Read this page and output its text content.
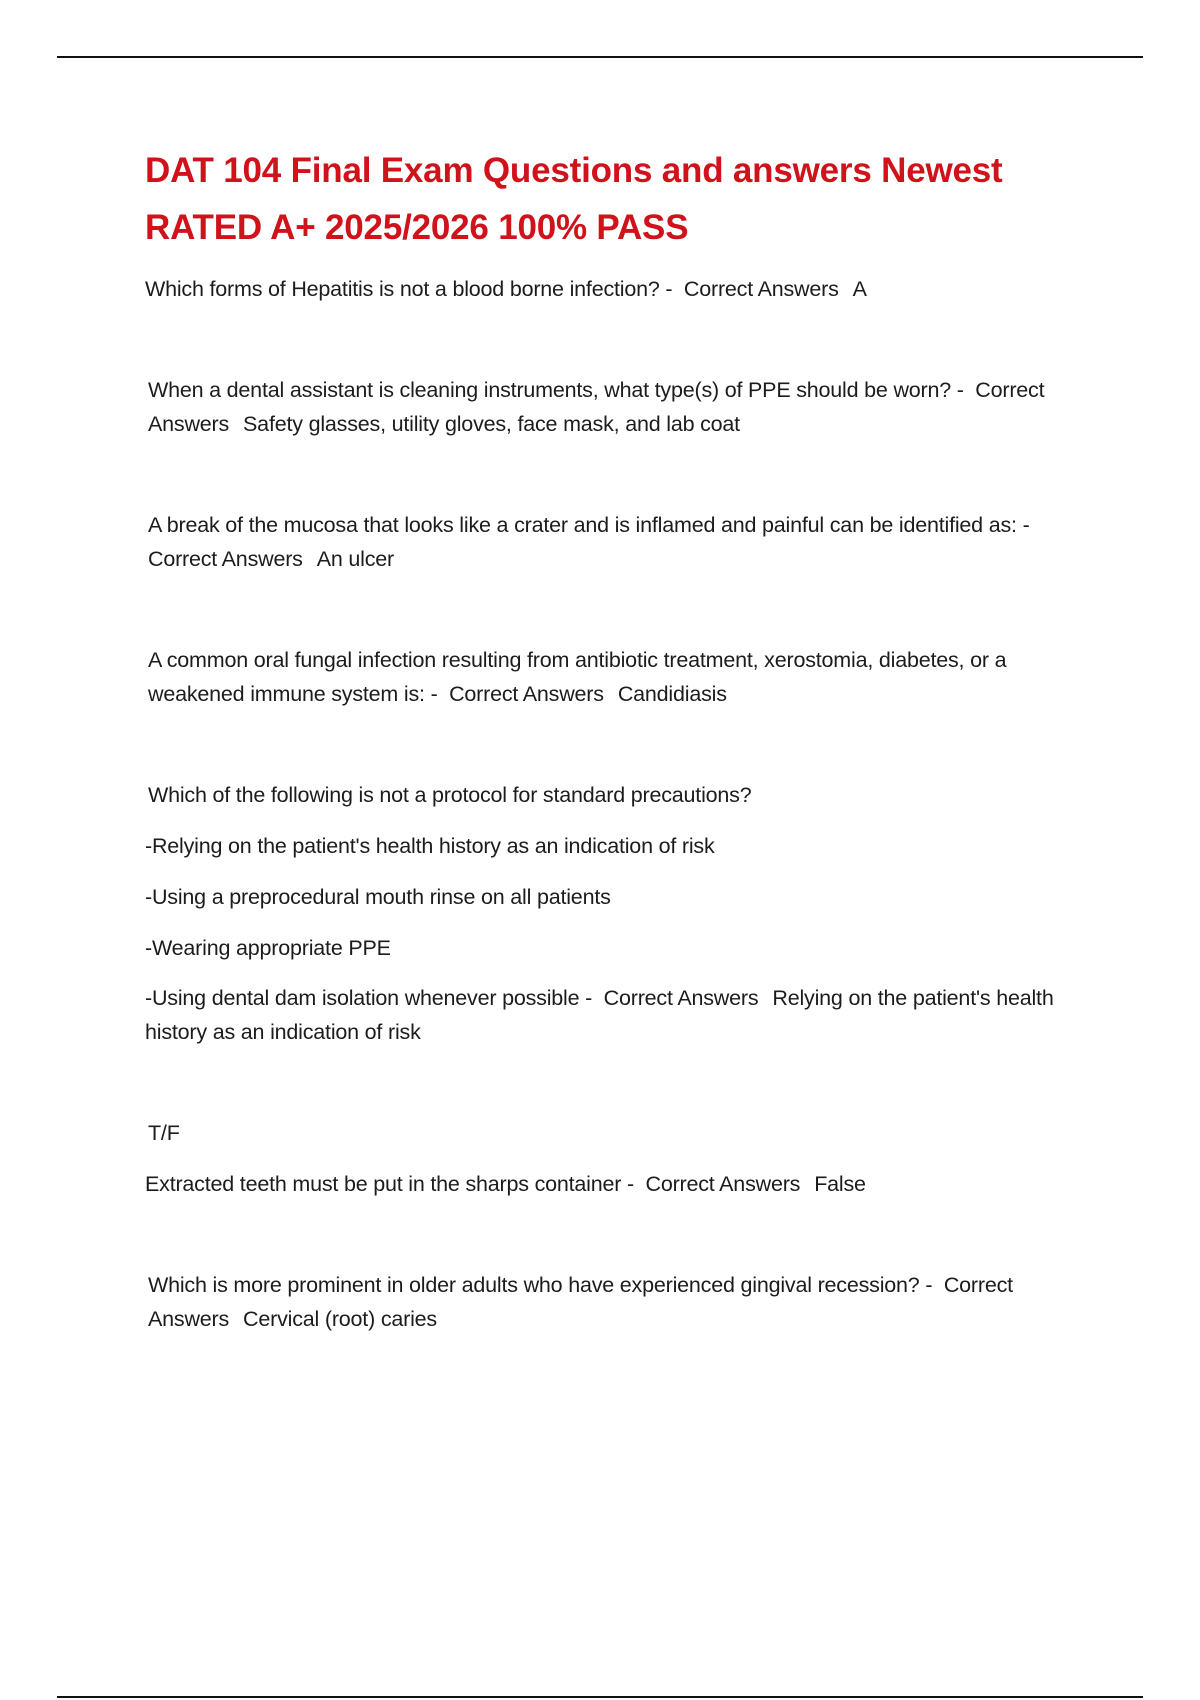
DAT 104 Final Exam Questions and answers Newest RATED A+ 2025/2026 100% PASS

Which forms of Hepatitis is not a blood borne infection? - Correct Answers A

When a dental assistant is cleaning instruments, what type(s) of PPE should be worn? - Correct Answers Safety glasses, utility gloves, face mask, and lab coat

A break of the mucosa that looks like a crater and is inflamed and painful can be identified as: - Correct Answers An ulcer

A common oral fungal infection resulting from antibiotic treatment, xerostomia, diabetes, or a weakened immune system is: - Correct Answers Candidiasis

Which of the following is not a protocol for standard precautions?

-Relying on the patient's health history as an indication of risk

-Using a preprocedural mouth rinse on all patients

-Wearing appropriate PPE

-Using dental dam isolation whenever possible - Correct Answers Relying on the patient's health history as an indication of risk

T/F

Extracted teeth must be put in the sharps container - Correct Answers False

Which is more prominent in older adults who have experienced gingival recession? - Correct Answers Cervical (root) caries
